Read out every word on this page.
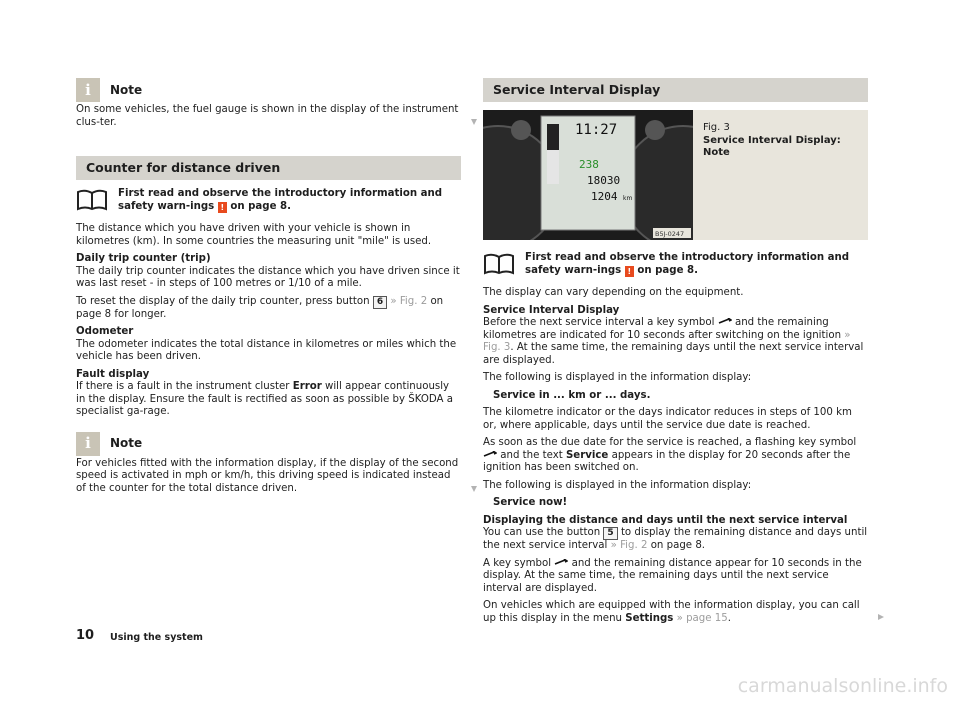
i	Note

On some vehicles, the fuel gauge is shown in the display of the instrument clus-ter.

Counter for distance driven
First read and observe the introductory information and safety warn-ings ! on page 8.

The distance which you have driven with your vehicle is shown in kilometres (km). In some countries the measuring unit "mile" is used.

Daily trip counter (trip)
The daily trip counter indicates the distance which you have driven since it was last reset - in steps of 100 metres or 1/10 of a mile.

To reset the display of the daily trip counter, press button 6 » Fig. 2 on page 8 for longer.

Odometer
The odometer indicates the total distance in kilometres or miles which the vehicle has been driven.

Fault display
If there is a fault in the instrument cluster Error will appear continuously in the display. Ensure the fault is rectified as soon as possible by ŠKODA a specialist ga-rage.

i	Note

For vehicles fitted with the information display, if the display of the second speed is activated in mph or km/h, this driving speed is indicated instead of the counter for the total distance driven.

Service Interval Display
11:27
238
18030
1204 km
B5J-0247
Fig. 3
Service Interval Display: Note
First read and observe the introductory information and safety warn-ings ! on page 8.

The display can vary depending on the equipment.

Service Interval Display
Before the next service interval a key symbol and the remaining kilometres are indicated for 10 seconds after switching on the ignition » Fig. 3. At the same time, the remaining days until the next service interval are displayed.

The following is displayed in the information display:

Service in ... km or ... days.

The kilometre indicator or the days indicator reduces in steps of 100 km or, where applicable, days until the service due date is reached.

As soon as the due date for the service is reached, a flashing key symbol  and the text Service appears in the display for 20 seconds after the ignition has been switched on.

The following is displayed in the information display:

Service now!

Displaying the distance and days until the next service interval
You can use the button 5 to display the remaining distance and days until the next service interval » Fig. 2 on page 8.

A key symbol and the remaining distance appear for 10 seconds in the display. At the same time, the remaining days until the next service interval are displayed.

On vehicles which are equipped with the information display, you can call up this display in the menu Settings » page 15.

10 Using the system
carmanualsonline.info
